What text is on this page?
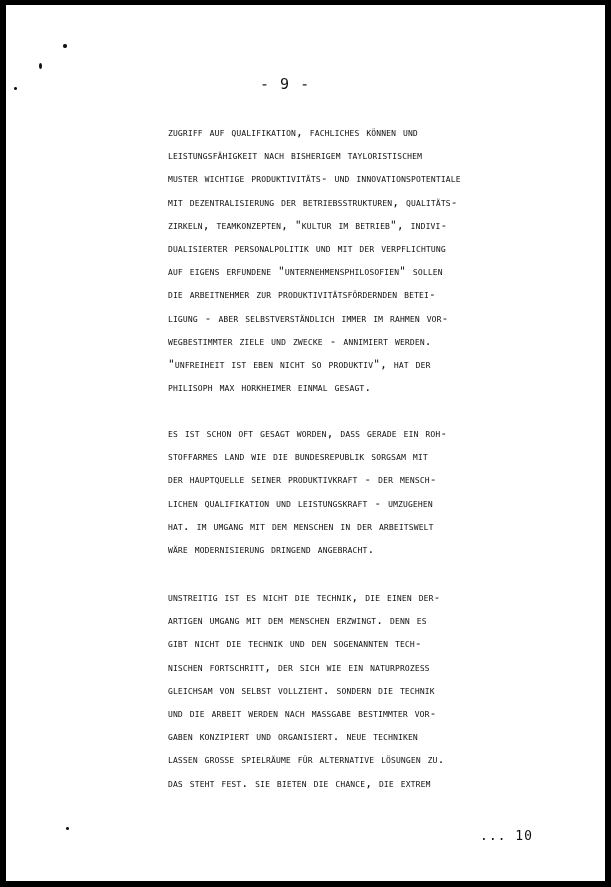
- 9 -
zugriff auf qualifikation, fachliches können und
leistungsfähigkeit nach bisherigem tayloristischem
muster wichtige produktivitäts- und innovationspotentiale
mit dezentralisierung der betriebsstrukturen, qualitäts-
zirkeln, teamkonzepten, "kultur im betrieb", indivi-
dualisierter personalpolitik und mit der verpflichtung
auf eigens erfundene "unternehmensphilosofien" sollen
die arbeitnehmer zur produktivitätsfördernden betei-
ligung - aber selbstverständlich immer im rahmen vor-
wegbestimmter ziele und zwecke - annimiert werden.
"unfreiheit ist eben nicht so produktiv", hat der
philisoph max horkheimer einmal gesagt.
es ist schon oft gesagt worden, daß gerade ein roh-
stoffarmes land wie die bundesrepublik sorgsam mit
der hauptquelle seiner produktivkraft - der mensch-
lichen qualifikation und leistungskraft - umzugehen
hat. im umgang mit dem menschen in der arbeitswelt
wäre modernisierung dringend angebracht.
unstreitig ist es nicht die technik, die einen der-
artigen umgang mit dem menschen erzwingt. denn es
gibt nicht die technik und den sogenannten tech-
nischen fortschritt, der sich wie ein naturprozeß
gleichsam von selbst vollzieht. sondern die technik
und die arbeit werden nach maßgabe bestimmter vor-
gaben konzipiert und organisiert. neue techniken
lassen große spielräume für alternative lösungen zu.
das steht fest. sie bieten die chance, die extrem
... 10
